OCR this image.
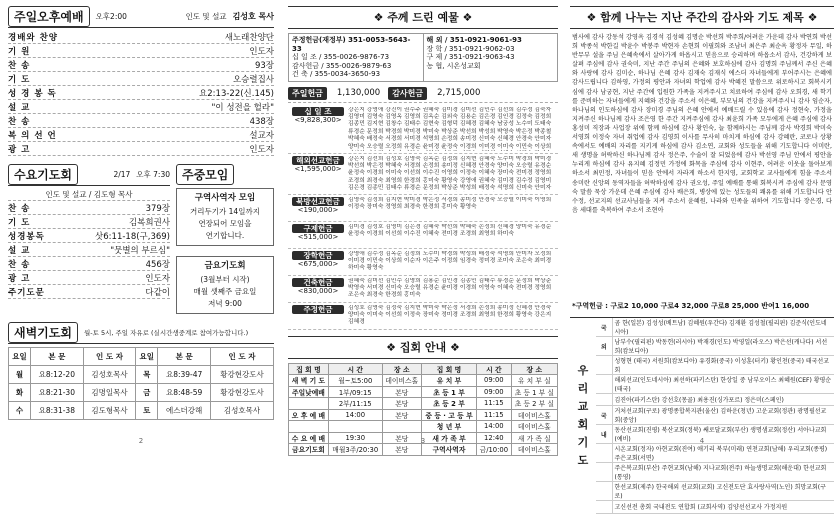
주일오후예배	오후2:00	인도 및 설교 김성호 목사
경배와 찬양	새노래찬양단
기 원	인도자
찬 송	93장
기 도	오승렬집사
성 경 봉 독	요2:13-22(신.145)
설 교	"이 성전을 헐라"
찬 송	438장
복 의 선 언	설교자
광 고	인도자
수요기도회	2/17 오후 7:30
인도 및 설교 / 김도형 목사
찬 송	379장
기 도	김복희권사
성경봉독	삿6:11-18(구,369)
설 교	"뭇별의 부르심"
찬 송	456장
광 고	인도자
주기도문	다같이
주중모임
구역사역자 모임
거리두기가 14일까지
연장되어 모임을
연기합니다.
금요기도회
(3월부터 시작)
매월 셋째주 금요일
저녁 9:00
새벽기도회	월-토 5시, 주일 자유로 (실시간생중계로 참여가능합니다.)
요일	본 문	인 도 자	요일	본 문	인 도 자
월	요8:12-20	김성호목사	목	요8:39-47	황강현강도사
화	요8:21-30	김명일목사	금	요8:48-59	황강현강도사
수	요8:31-38	김도형목사	토	에스더강해	김성호목사
2
❖ 주께 드린 예물 ❖
주정헌금(재정부) 351-0053-5643-33
십 일 조 / 355-0026-9876-73
감사헌금 / 355-0026-9879-63
건 축 / 355-0034-3650-93
해 외 / 351-0921-9061-93
장 학 / 351-0921-9062-03
구 제 / 351-0921-9063-43
농 협, 시온성교회
주일헌금	1,130,000	감사헌금	2,715,000
십 일 조
<9,828,300>
강은지 강영애 강진이 권수주 권혜숙 김미경 김미선 김민수 김선희 김수정 김숙자 김영미 김영숙 김영옥 김영희 김옥순 김외숙 김용순 김은경 김인경 김정숙 김정희 김종민 김지현 김창수 김태수 김현숙 김형덕 김혜경 김혜숙 남궁성 노수미 도태숙 류경순 문정희 박경희 박미경 박미숙 박상준 박선희 박성희 박영숙 박은정 박종철 박혜숙 배정숙 서경희 서미경 석명희 손정희 송미정 신미숙 신혜경 안경숙 안미자 양미숙 오승렬 오정희 유경순 윤미경 윤정숙 이경희 이미경 이미숙 이민숙 이상희
해외선교헌금
<1,595,000>
강은지 김선희 김성호 김영숙 김옥순 김정희 김지현 김혜숙 노수미 박경희 박미경 박선희 박은정 박혜숙 서경희 손정희 송미정 신혜경 안경숙 양미숙 오승렬 유경순 윤정숙 이경희 이미숙 이선희 이수진 이영희 이정숙 이혜숙 장미숙 전미경 정영희 조경희 최경숙 최영희 한경희 홍미숙 황영숙 강영애 권혜숙 김미경 김수정 김영미 김은경 김종민 김태수 류경순 문정희 박상준 박성희 배정숙 석명희 신미숙 안미자
북방선교헌금
<190,000>
김영숙 김정희 김지현 박미경 박은정 서경희 송미정 안경숙 오승렬 이미숙 이영희 이정숙 장미숙 정영희 최경숙 한경희 홍미숙 황영숙
구제헌금
<515,000>
김미경 김성호 김영미 김은경 김혜숙 박선희 박혜숙 손정희 신혜경 양미숙 유경순 윤정숙 이경희 이선희 이수진 이혜숙 전미경 조경희 최영희 하미숙
장학헌금
<675,000>
강영애 김수정 김옥순 김정희 노수미 박경희 박성희 배정숙 석명희 안미자 오정희 이미경 이민숙 이상희 이순자 이은주 이정희 임경숙 정미경 조미숙 조은숙 최미경 하미숙 황영숙
건축헌금
<830,000>
권혜숙 김미선 김민수 김영희 김용순 김인경 김종민 김태수 류경순 문정희 박상준 박영숙 서미경 신미숙 오승렬 유경순 윤미경 이경희 이영숙 이혜숙 전미경 정영희 조은숙 최경숙 한경희 홍미숙
주정헌금	김성호 김영숙 김정숙 김지현 박미숙 박은정 서경희 손정희 송미정 신혜경 안경숙 양미숙 이미숙 이선희 이정숙 장미숙 정미경 조경희 최영희 한경희 황영숙 강은지 김혜경
❖ 집회 안내 ❖
집 회 명	시 간	장 소	집 회 명	시 간	장 소
새 벽 기 도	월~토5:00	데이비스홀	유 치 부	09:00	유 치 부 실
주일낮예배	1부/09:15	본당	초 등 1 부	09:00	초 등 1 부 실
	2부/11:15	본당	초 등 2 부	11:15	초 등 2 부 실
오 후 예 배	14:00	본당	중 등 · 고 등 부	11:15	데이비스홀
			청 년 부	14:00	데이비스홀
수 요 예 배	19:30	본당	새 가 족 부	12:40	새 가 족 실
금요기도회	매월3주/20:30	본당	구역사역자	금/10:00	데이비스홀
3
❖ 함께 나누는 지난 주간의 감사와 기도 제목 ❖
범사에 감사 강동석 강영옥 김경석 김성혜 김명순 박선희 박주희/어려운 가운데 감사 박연희 박선희 박종석 박한길 박윤수 박봉주 박현자 손현희 이필희와 조남녀 최은주 최순옥 황정자 무일, 하반무부 설을 주님 은혜속에서 살아가게 하옵시고 믿음으로 승리하며 하옵소서 감사, 건강하게 보살펴 주심에 감사 권숙미, 지난 주간 주님의 은혜와 보호하심에 감사 김명희 주님께서 주신 은혜와 사랑에 감사 김미순, 하나님 은혜 감사 김재숙 김재식 에스더 자녀들에게 부어주시는 은혜에 감사드립니다 김하영, 가정의 평안과 자녀의 학업에 감사 박혜진 말씀으로 위로하시고 회복시키심에 감사 남궁현, 지난 주간에 입원한 가족을 지켜주시고 치료하여 주심에 감사 오희경, 새 학기를 준비하는 자녀들에게 지혜와 건강을 주소서 이은혜, 부모님의 건강을 지켜주시니 감사 임순자, 하나님의 인도하심에 감사 장미경 주님의 은혜 안에서 예배드릴 수 있음에 감사 정현숙, 가정을 지켜주신 하나님께 감사 조은영 한 주간 지켜주심에 감사 최윤희 가족 모두에게 은혜 주심에 감사 홍성미 직장과 사업장 위에 함께 하심에 감사 황인숙, 늘 함께하시는 주님께 감사 박경희 박미숙 서영희 이정숙 자녀 취업에 감사 김영희 이사를 무사히 마치게 하심에 감사 강혜란, 코로나 상황 속에서도 예배의 자리를 지키게 하심에 감사 김소연, 교회와 성도들을 위해 기도합니다 이미란, 새 생명을 허락하신 하나님께 감사 정은주, 수술이 잘 되었음에 감사 박선영 주님 안에서 평안을 누리게 하심에 감사 유지혜 김정민 가정에 화목을 주심에 감사 이현주, 어려운 이웃을 돌아보게 하소서 최민정, 자녀들이 믿음 안에서 자라게 하소서 한지영, 교회학교 교사들에게 힘을 주소서 송미란 신앙의 동역자들을 허락하심에 감사 권오성, 주일 예배를 통해 회복시켜 주심에 감사 문영숙 말씀 묵상 가운데 은혜 주심에 감사 배은희, 병상에 있는 성도들의 쾌유를 위해 기도합니다 안수정, 선교지의 선교사님들을 지켜 주소서 윤혜원, 나라와 민족을 위하여 기도합니다 장은경, 다음 세대를 축복하여 주소서 조현아
*구역헌금 : 구로2 10,000 구로4 32,000 구로8 25,000 반여1 16,000
우
리
교
회
기
도
국	곰 한(일본) 김성성(베트남) 김혜원(우간다) 김재환 김성철(필리핀) 김준식(인도네시아)
외	남부수(필리핀) 박동헌(러시아) 박재경(인도) 박영일(라오스) 박은선(캐나다) 서선희(캄보디아)
	성형현 (태국) 서원희(캄보디아) 유경화(중국) 이성훈(터키) 황인천(중국) 태국선교회
	해외선교(인도네시아) 최선하(파키스탄) 한상일 중 남부오이스 최혜원(CEF) 황평순(태국)
	김진아(파키스탄) 강선호(몽골) 최용진(싱가포르) 정은미(스페인)
국	거처선교회(구로) 광명종합복지관(울산) 김하운(청년) 고운교회(정관) 광명필선교회(중앙)
내	동산선교회(진평) 북산교회(정북) 쌔로달교회(부산) 생명샘교회(정산) 서아나교회(예비)
	시온교회(정자) 아현교회(진여) 애기리 북부(미래) 연천교회(남해) 우리교회(종평) 주은교회(서면)
	주은복교회(부산) 주현교회(남해) 지나교회(전주) 하늘생명교회(해운대) 한선교회(통영)
	한선교회(제주) 한국해외 선교회(교회) 고신전도단 효사랑사역(노인) 희망교회(구로)
	고신선전 총회 국내전도 연합회 (교회사역) 김양선선교사 가정지원
4
